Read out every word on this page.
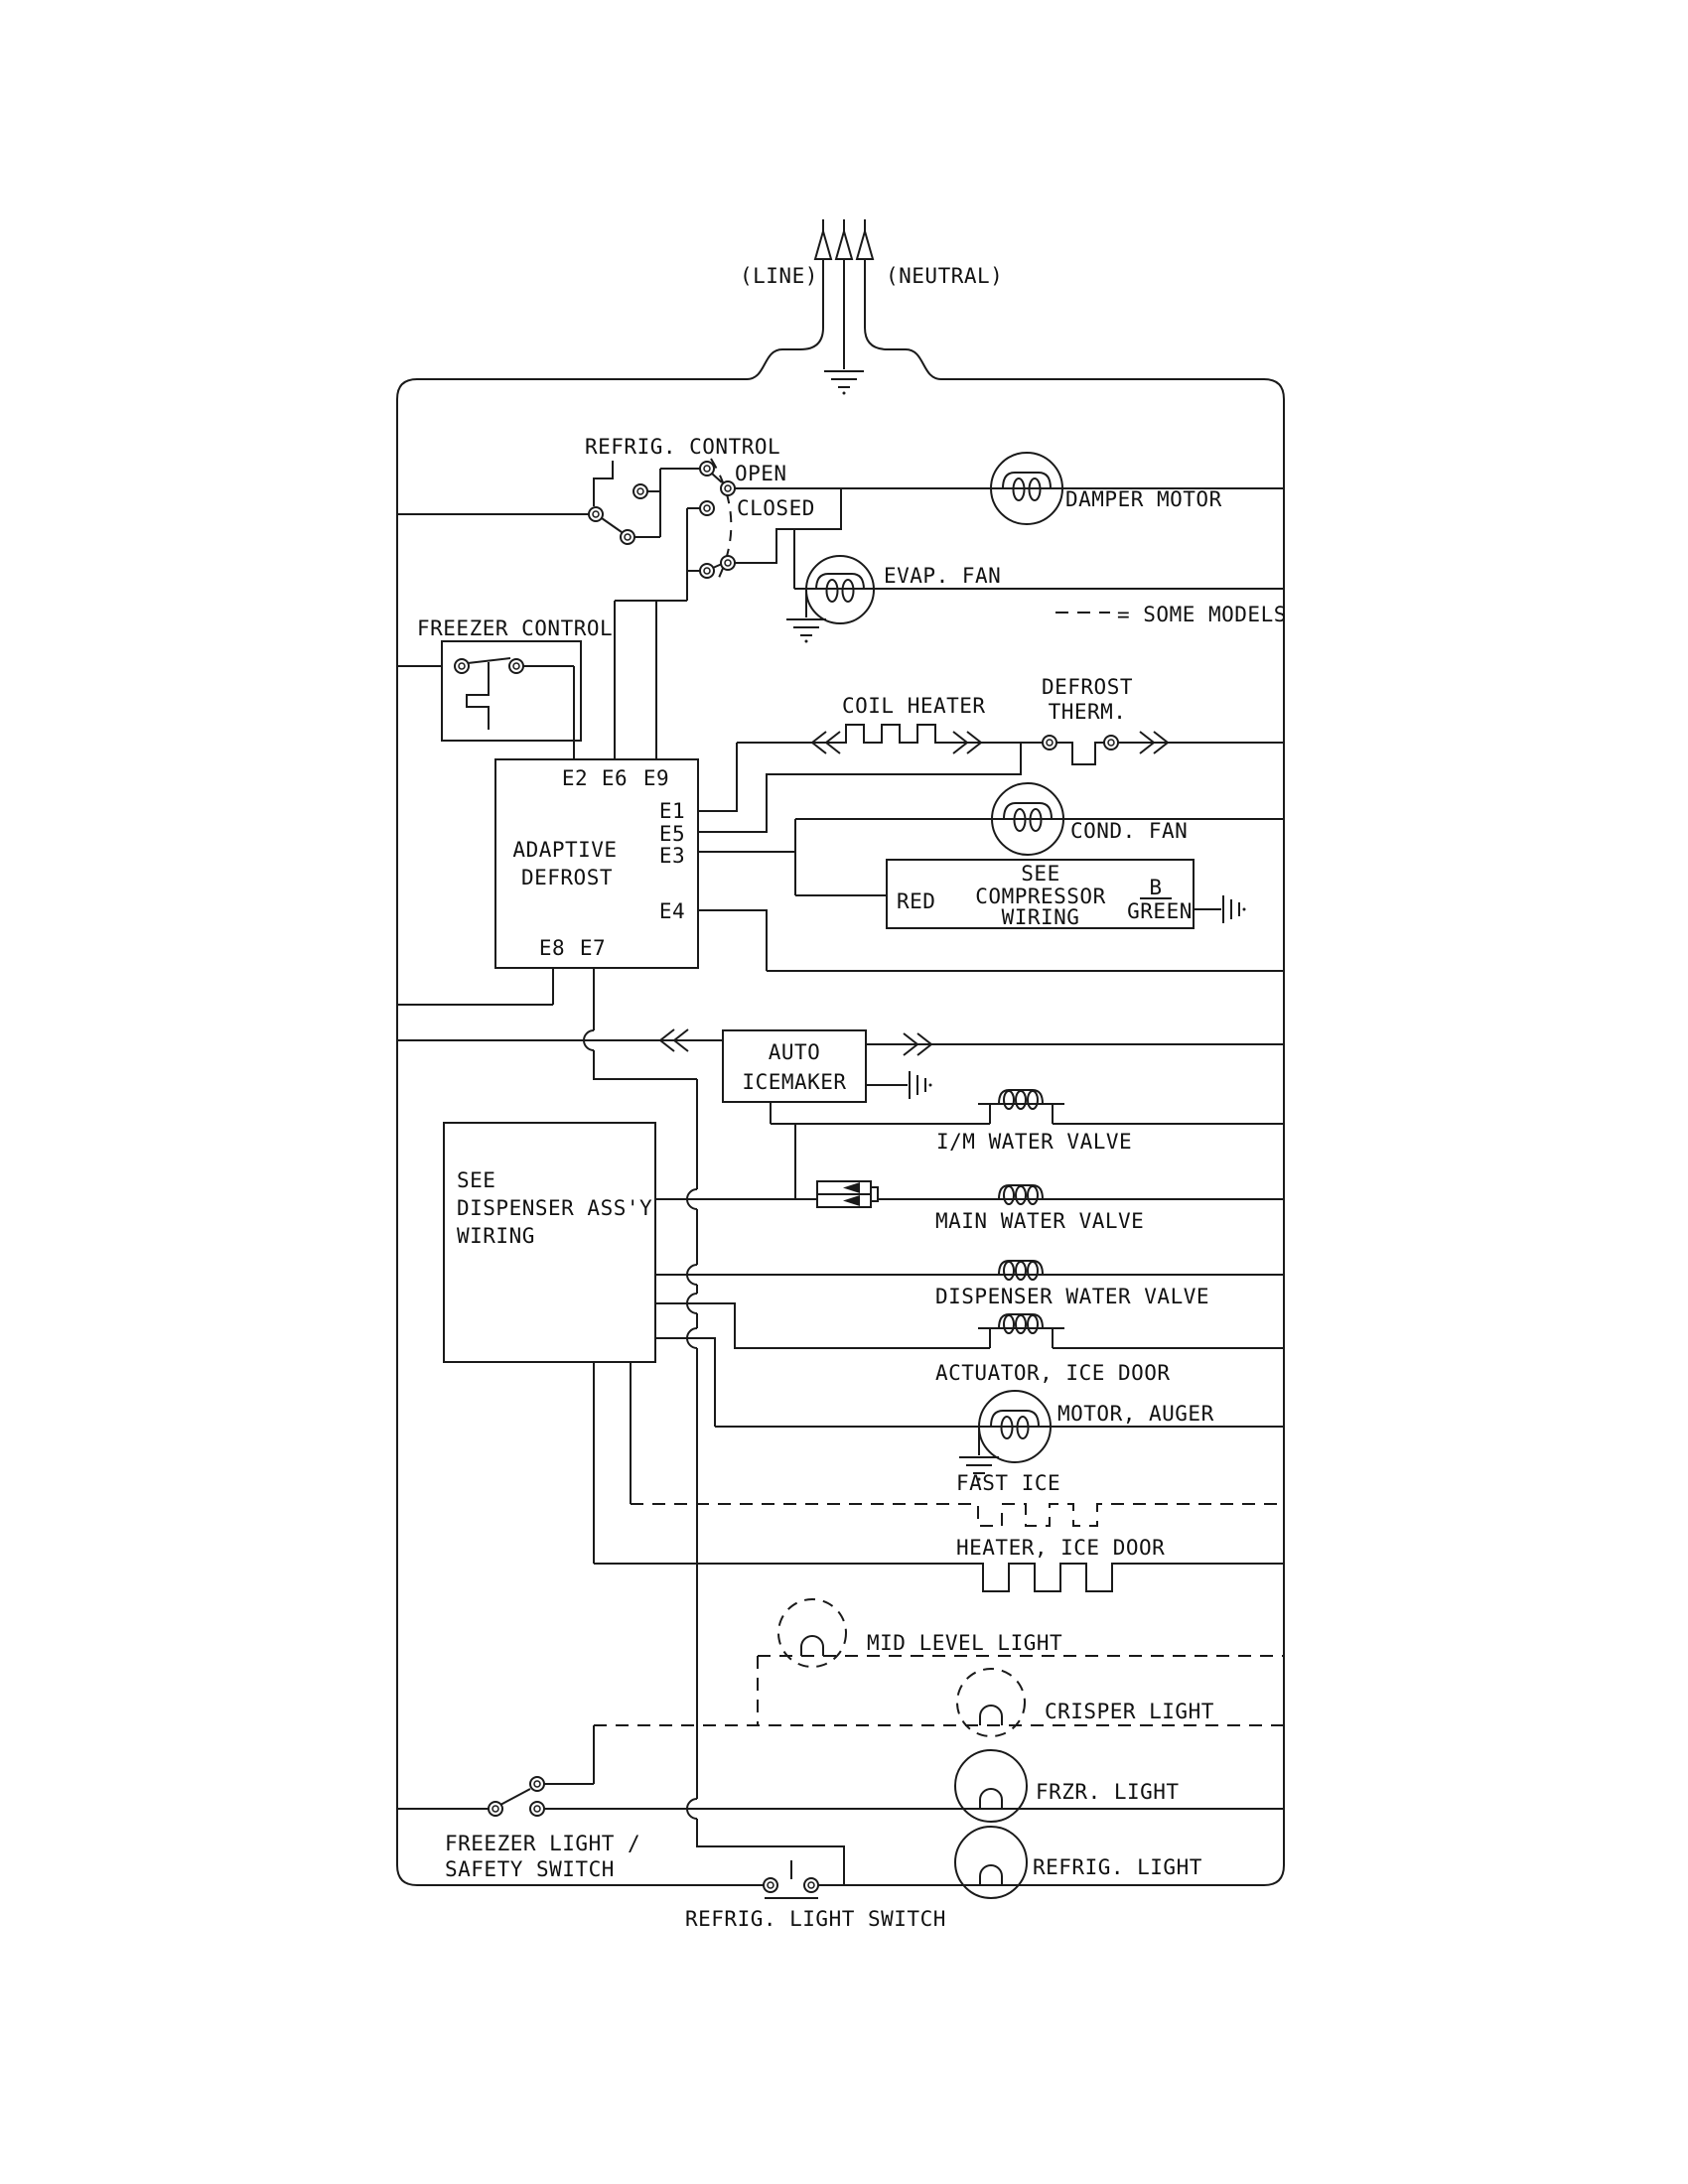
(LINE)	(NEUTRAL)
REFRIG. CONTROL
OPEN
CLOSED	DAMPER MOTOR
EVAP. FAN
= SOME MODELS
FREEZER CONTROL
ADAPTIVE
DEFROST
E2 E6 E9
E1
E5
E3
E4
E8 E7
COIL HEATER
DEFROST
THERM.
COND. FAN
SEE
COMPRESSOR
WIRING
RED
B
GREEN
AUTO
ICEMAKER
I/M WATER VALVE
MAIN WATER VALVE
DISPENSER WATER VALVE
SEE
DISPENSER ASS'Y
WIRING
ACTUATOR, ICE DOOR
MOTOR, AUGER
FAST ICE
HEATER, ICE DOOR
MID LEVEL LIGHT
CRISPER LIGHT
FREEZER LIGHT /
SAFETY SWITCH
FRZR. LIGHT
REFRIG. LIGHT
REFRIG. LIGHT SWITCH
